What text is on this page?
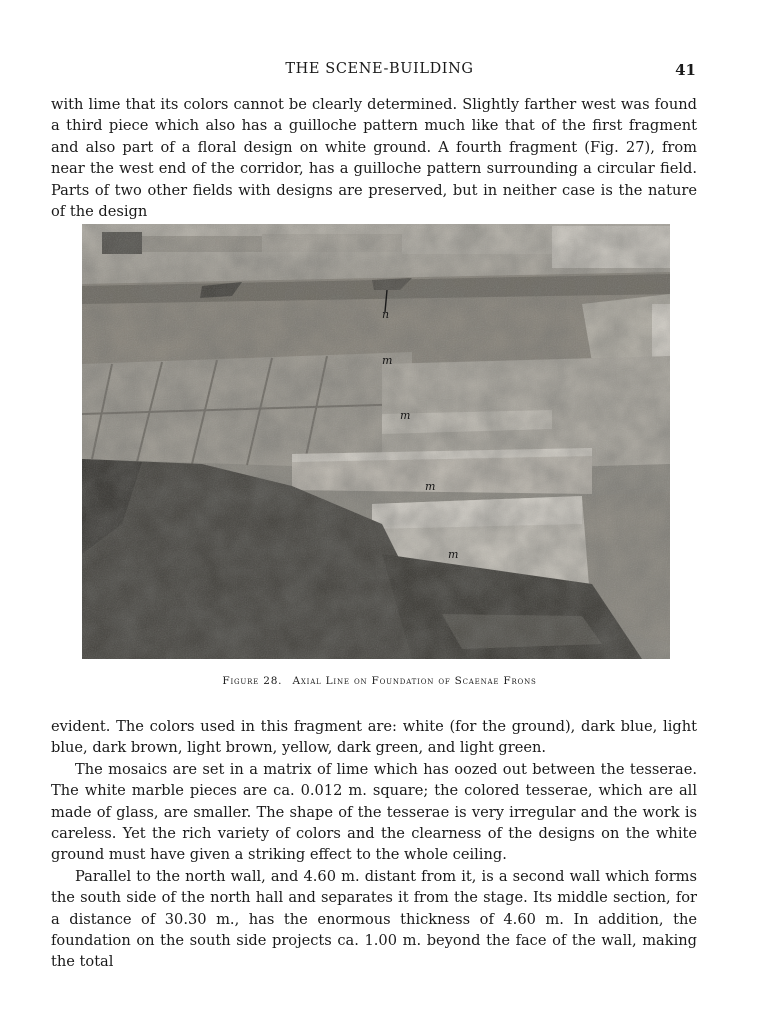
THE SCENE-BUILDING	41

with lime that its colors cannot be clearly determined. Slightly farther west was found a third piece which also has a guilloche pattern much like that of the first fragment and also part of a floral design on white ground. A fourth fragment (Fig. 27), from near the west end of the corridor, has a guilloche pattern surrounding a circular field. Parts of two other fields with designs are preserved, but in neither case is the nature of the design

n
m
m
m
m
Figure 28. Axial Line on Foundation of Scaenae Frons

evident. The colors used in this fragment are: white (for the ground), dark blue, light blue, dark brown, light brown, yellow, dark green, and light green.

The mosaics are set in a matrix of lime which has oozed out between the tesserae. The white marble pieces are ca. 0.012 m. square; the colored tesserae, which are all made of glass, are smaller. The shape of the tesserae is very irregular and the work is careless. Yet the rich variety of colors and the clearness of the designs on the white ground must have given a striking effect to the whole ceiling.

Parallel to the north wall, and 4.60 m. distant from it, is a second wall which forms the south side of the north hall and separates it from the stage. Its middle section, for a distance of 30.30 m., has the enormous thickness of 4.60 m. In addition, the foundation on the south side projects ca. 1.00 m. beyond the face of the wall, making the total
